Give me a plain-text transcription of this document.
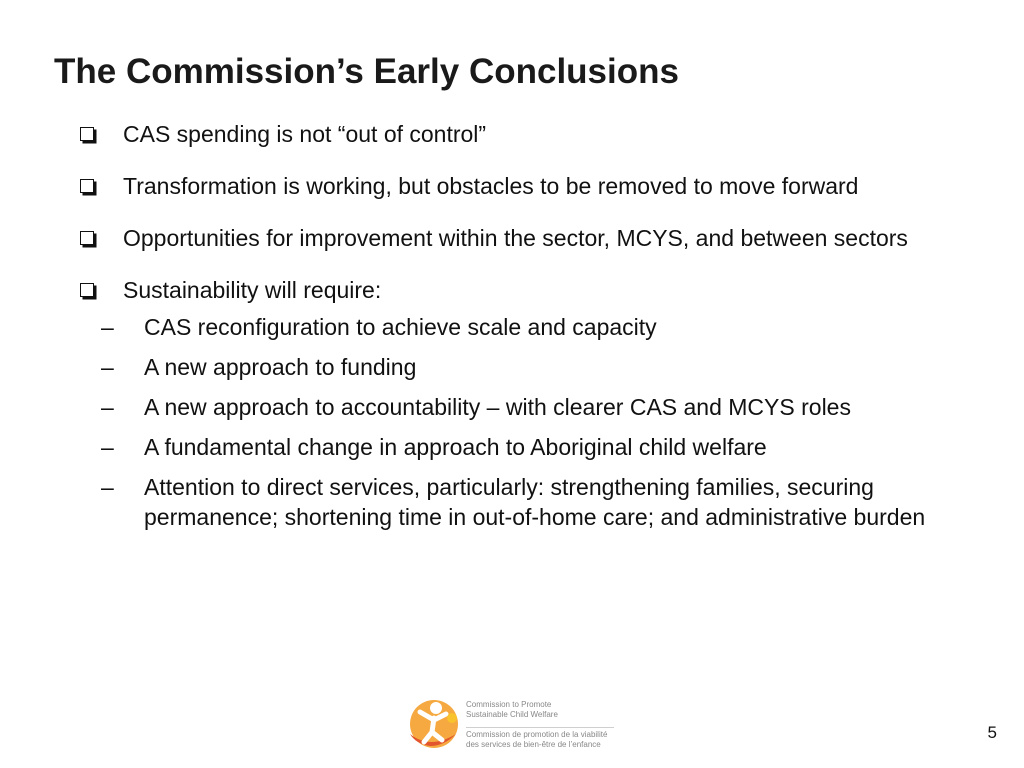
The Commission’s Early Conclusions
CAS spending is not “out of control”
Transformation is working, but obstacles to be removed to move forward
Opportunities for improvement within the sector, MCYS, and between sectors
Sustainability will require:
– CAS reconfiguration to achieve scale and capacity
– A new approach to funding
– A new approach to accountability – with clearer CAS and MCYS roles
– A fundamental change in approach to Aboriginal child welfare
– Attention to direct services, particularly: strengthening families, securing permanence; shortening time in out-of-home care; and administrative burden
Commission to Promote
Sustainable Child Welfare
Commission de promotion de la viabilité
des services de bien-être de l’enfance
5
